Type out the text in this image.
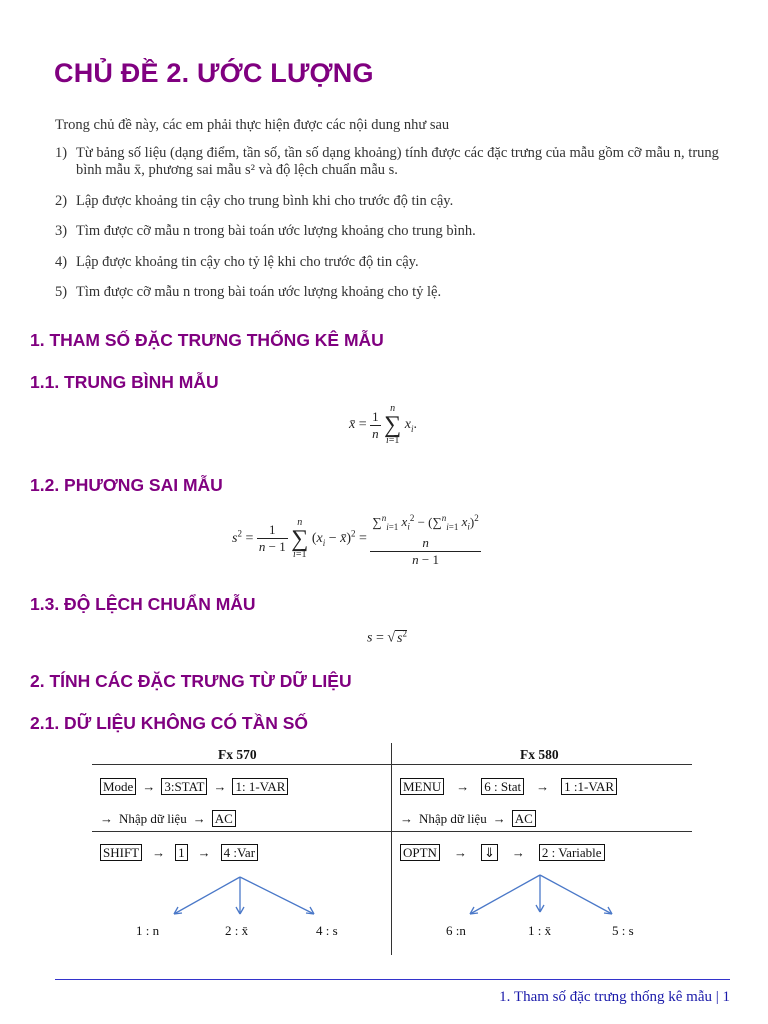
CHỦ ĐỀ 2. ƯỚC LƯỢNG

Trong chủ đề này, các em phải thực hiện được các nội dung như sau

1) Từ bảng số liệu (dạng điểm, tần số, tần số dạng khoảng) tính được các đặc trưng của mẫu gồm cỡ mẫu n, trung bình mẫu x̄, phương sai mẫu s² và độ lệch chuẩn mẫu s.
2) Lập được khoảng tin cậy cho trung bình khi cho trước độ tin cậy.
3) Tìm được cỡ mẫu n trong bài toán ước lượng khoảng cho trung bình.
4) Lập được khoảng tin cậy cho tỷ lệ khi cho trước độ tin cậy.
5) Tìm được cỡ mẫu n trong bài toán ước lượng khoảng cho tỷ lệ.
1. THAM SỐ ĐẶC TRƯNG THỐNG KÊ MẪU
1.1. TRUNG BÌNH MẪU
x̄ = $\frac{1}{n}$ n
∑
i=1 $x_i$.
1.2. PHƯƠNG SAI MẪU
$s^2 = \frac{1}{n - 1}$ n
∑
i=1 ($x_i$ − x̄)$^2$ =
∑$^n_{i=1}$ $x_i^2 - (\sum^n_{i=1}$ $x_i)^2$
n
n − 1
1.3. ĐỘ LỆCH CHUẨN MẪU
s = √ $s^2$
2. TÍNH CÁC ĐẶC TRƯNG TỪ DỮ LIỆU
2.1. DỮ LIỆU KHÔNG CÓ TẦN SỐ
Fx 570	Fx 580
Mode → 3:STAT → 1: 1-VAR
→ Nhập dữ liệu → AC
SHIFT → 1 → 4 :Var
1 : n	2 : x̄	4 : s
MENU → 6 : Stat → 1 :1-VAR
→ Nhập dữ liệu → AC
OPTN → ⇓ → 2 : Variable
6 :n	1 : x̄	5 : s
1. Tham số đặc trưng thống kê mẫu | 1
